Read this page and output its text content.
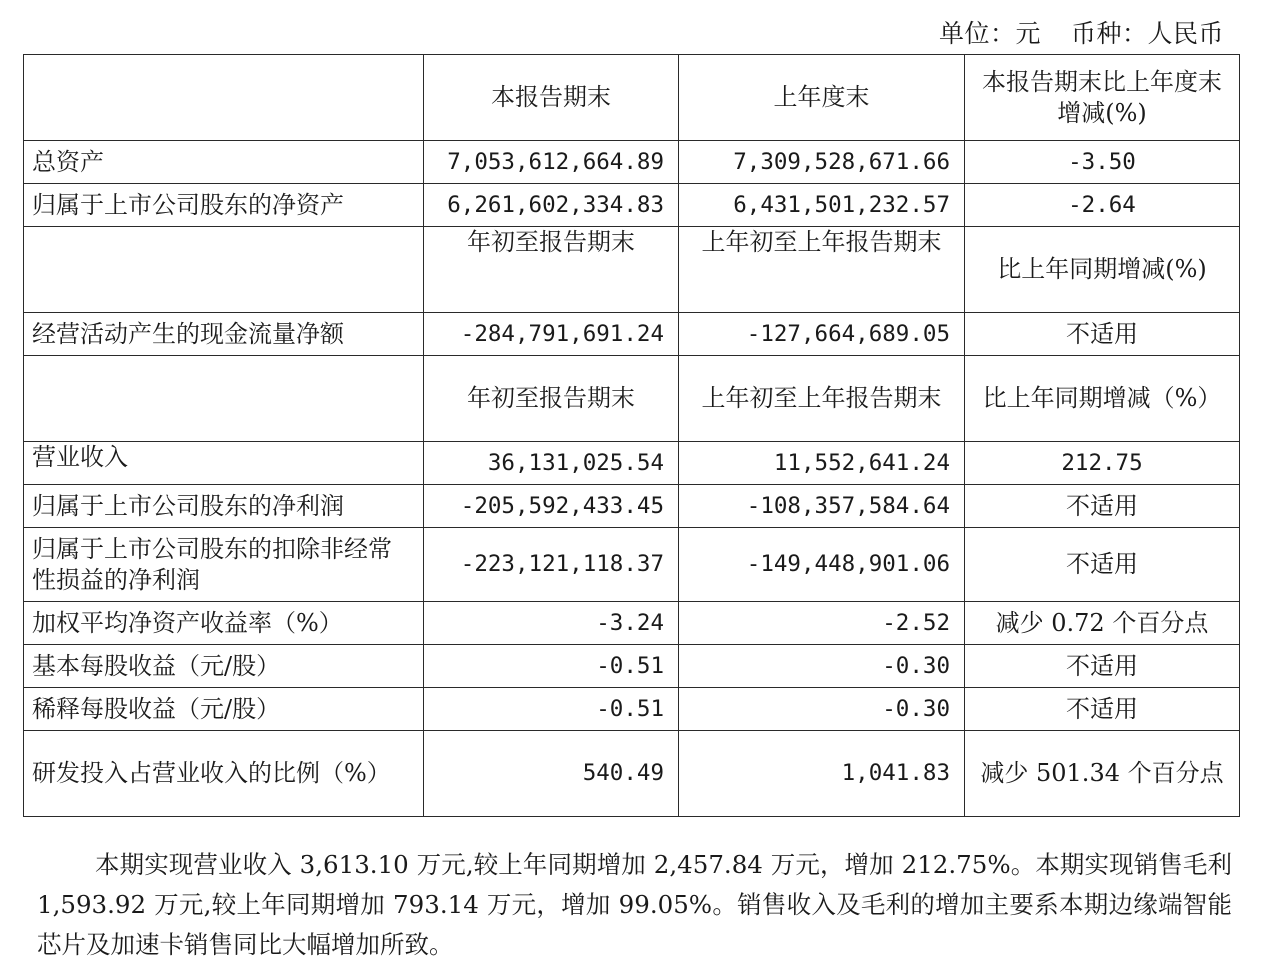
单位：元 币种：人民币
	本报告期末	上年度末	本报告期末比上年度末增减(%)
总资产	7,053,612,664.89	7,309,528,671.66	-3.50
归属于上市公司股东的净资产	6,261,602,334.83	6,431,501,232.57	-2.64
	年初至报告期末	上年初至上年报告期末	比上年同期增减(%)
经营活动产生的现金流量净额	-284,791,691.24	-127,664,689.05	不适用
	年初至报告期末	上年初至上年报告期末	比上年同期增减（%）
营业收入	36,131,025.54	11,552,641.24	212.75
归属于上市公司股东的净利润	-205,592,433.45	-108,357,584.64	不适用
归属于上市公司股东的扣除非经常性损益的净利润	-223,121,118.37	-149,448,901.06	不适用
加权平均净资产收益率（%）	-3.24	-2.52	减少 0.72 个百分点
基本每股收益（元/股）	-0.51	-0.30	不适用
稀释每股收益（元/股）	-0.51	-0.30	不适用
研发投入占营业收入的比例（%）	540.49	1,041.83	减少 501.34 个百分点

本期实现营业收入 3,613.10 万元,较上年同期增加 2,457.84 万元，增加 212.75%。本期实现销售毛利 1,593.92 万元,较上年同期增加 793.14 万元，增加 99.05%。销售收入及毛利的增加主要系本期边缘端智能芯片及加速卡销售同比大幅增加所致。
